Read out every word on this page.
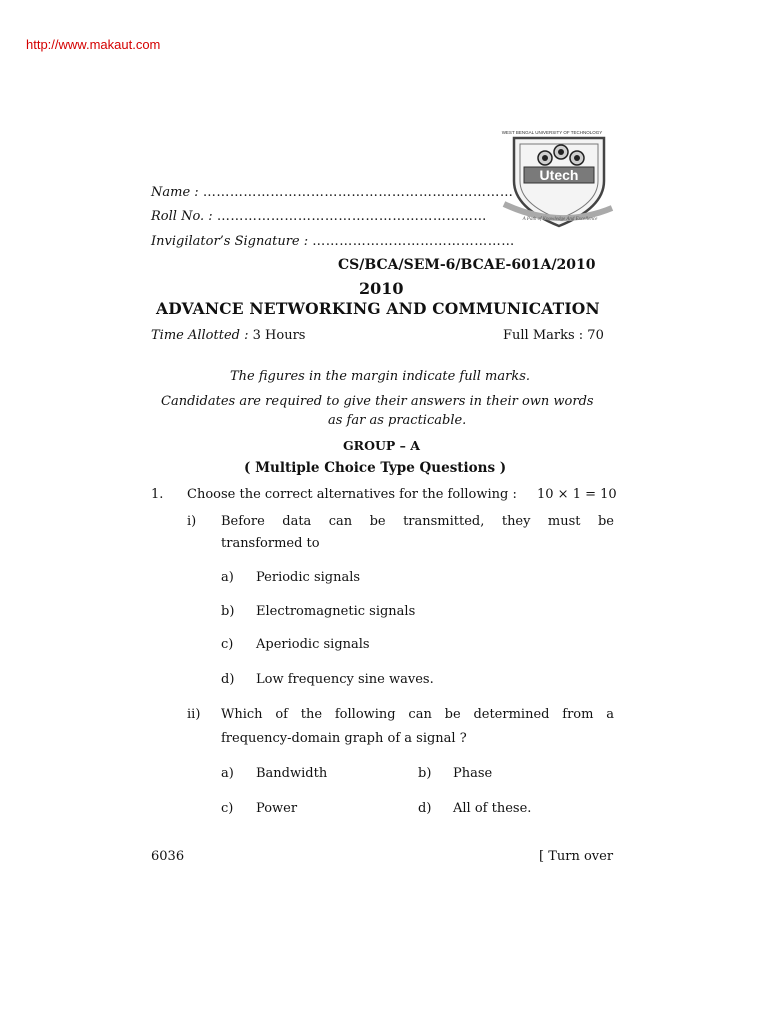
http://www.makaut.com
WEST BENGAL UNIVERSITY OF TECHNOLOGY
Utech
A Path of Knowledge And Excellence
Name : ……………………………………………………………
Roll No. : ……………………………………………………
Invigilator’s Signature : ………………………………………
CS/BCA/SEM-6/BCAE-601A/2010
2010
ADVANCE NETWORKING AND COMMUNICATION
Time Allotted : 3 Hours	Full Marks : 70
The figures in the margin indicate full marks.
Candidates are required to give their answers in their own words
as far as practicable.
GROUP – A
( Multiple Choice Type Questions )
1. Choose the correct alternatives for the following : 10 × 1 = 10
i) Before data can be transmitted, they must be
transformed to
a) Periodic signals
b) Electromagnetic signals
c) Aperiodic signals
d) Low frequency sine waves.
ii) Which of the following can be determined from a
frequency-domain graph of a signal ?
a) Bandwidth	b) Phase
c) Power	d) All of these.
6036	[ Turn over
